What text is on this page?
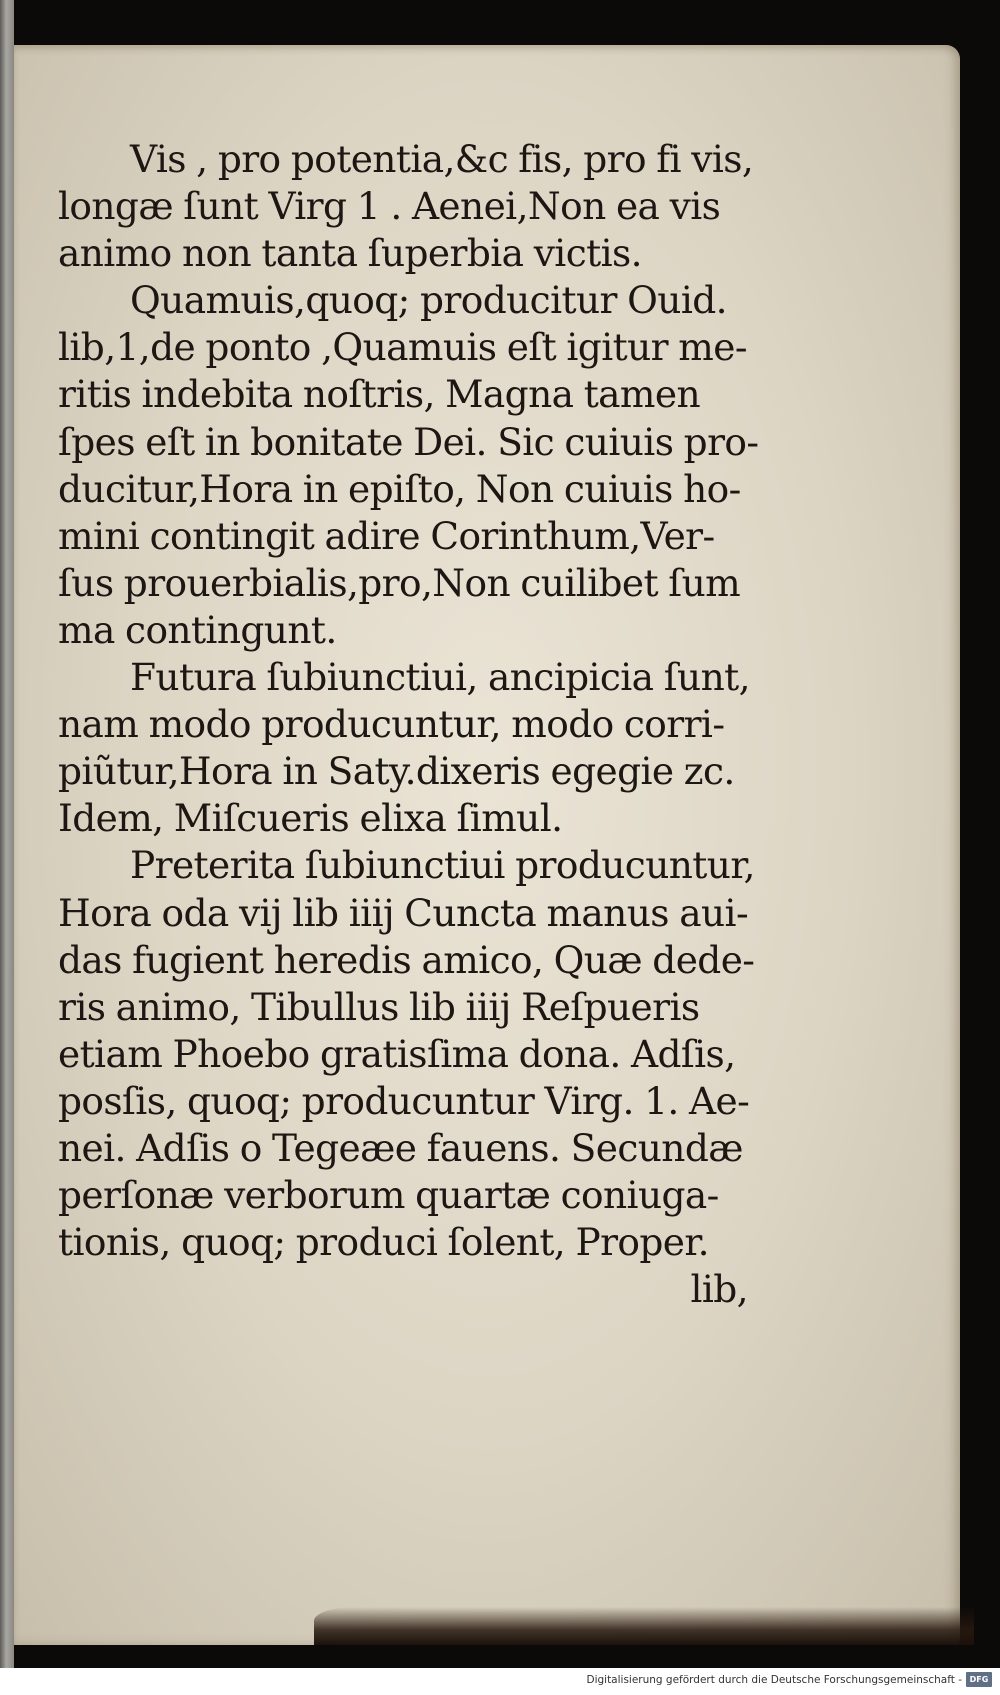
Vis , pro potentia,&c fis, pro fi vis,
longæ ſunt Virg 1 . Aenei,Non ea vis
animo non tanta ſuperbia victis.
Quamuis,quoq; producitur Ouid.
lib,1,de ponto ,Quamuis eſt igitur me-
ritis indebita noſtris, Magna tamen
ſpes eſt in bonitate Dei. Sic cuiuis pro-
ducitur,Hora in epiſto, Non cuiuis ho-
mini contingit adire Corinthum,Ver-
ſus prouerbialis,pro,Non cuilibet ſum
ma contingunt.
Futura ſubiunctiui, ancipicia ſunt,
nam modo producuntur, modo corri-
piũtur,Hora in Saty.dixeris egegie zc.
Idem, Miſcueris elixa ſimul.
Preterita ſubiunctiui producuntur,
Hora oda vij lib iiij Cuncta manus aui-
das fugient heredis amico, Quæ dede-
ris animo, Tibullus lib iiij Reſpueris
etiam Phoebo gratisſima dona. Adſis,
posſis, quoq; producuntur Virg. 1. Ae-
nei. Adſis o Tegeæe fauens. Secundæ
perſonæ verborum quartæ coniuga-
tionis, quoq; produci ſolent, Proper.
lib,
Digitalisierung gefördert durch die Deutsche Forschungsgemeinschaft - DFG
